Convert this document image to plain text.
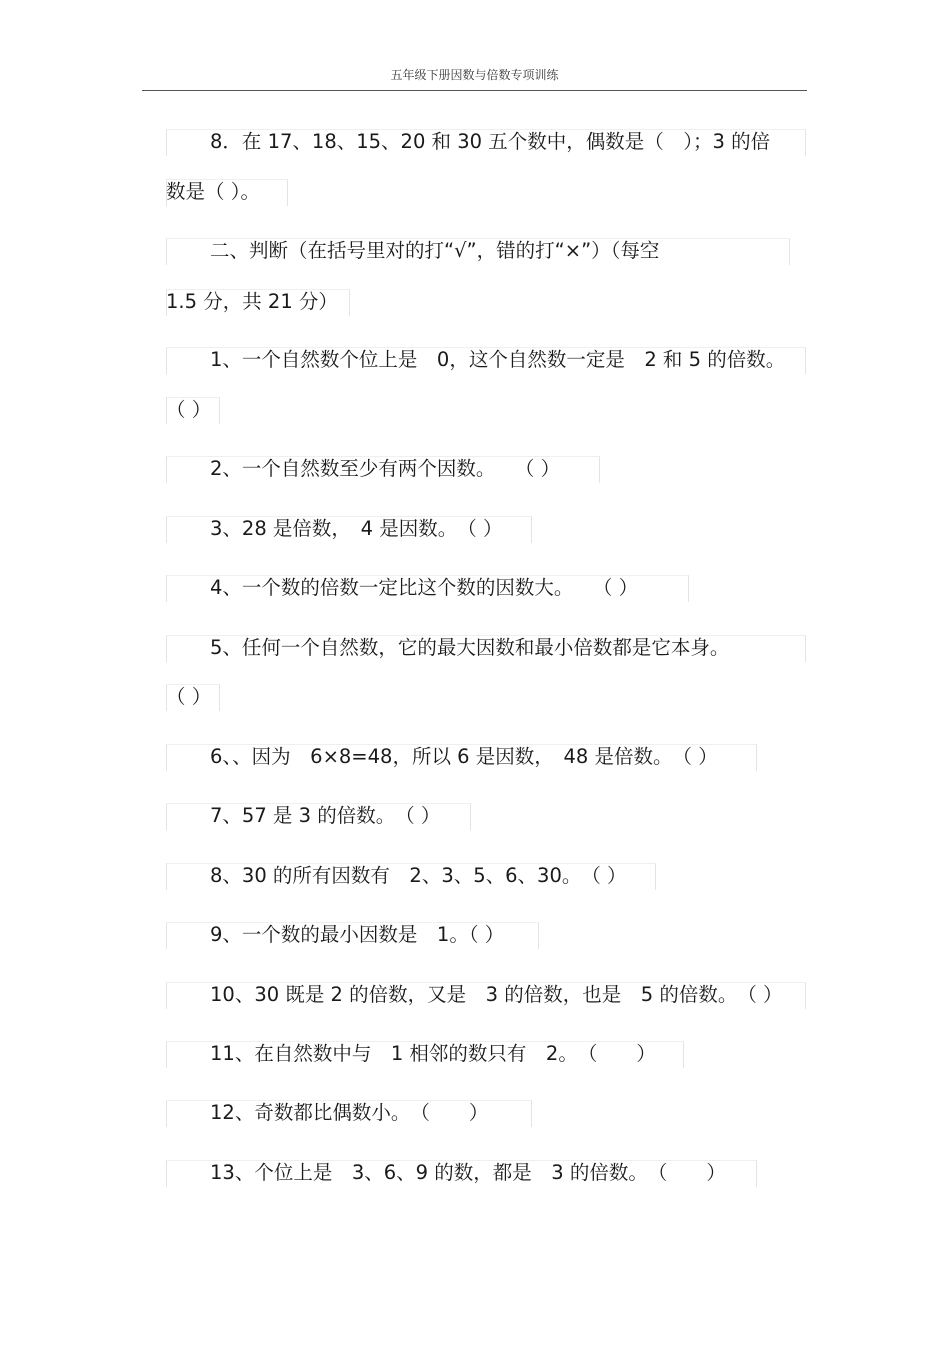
五年级下册因数与倍数专项训练
8．在 17、18、15、20 和 30 五个数中，偶数是（　）；3 的倍
数是（ ）。
二、判断（在括号里对的打“√”，错的打“×”）（每空
1.5 分，共 21 分）
1、一个自然数个位上是　0，这个自然数一定是　2 和 5 的倍数。
（ ）
2、一个自然数至少有两个因数。　　（ ）
3、28 是倍数，　4 是因数。　（ ）
4、一个数的倍数一定比这个数的因数大。　　（ ）
5、任何一个自然数，它的最大因数和最小倍数都是它本身。
（ ）
6、、因为　6×8=48，所以 6 是因数，　48 是倍数。　（ ）
7、57 是 3 的倍数。　（ ）
8、30 的所有因数有　2、3、5、6、30。　（ ）
9、一个数的最小因数是　1。（ ）
10、30 既是 2 的倍数，又是　3 的倍数，也是　5 的倍数。　（ ）
11、在自然数中与　1 相邻的数只有　2。　（　　）
12、奇数都比偶数小。　（　　）
13、个位上是　3、6、9 的数，都是　3 的倍数。　（　　）
